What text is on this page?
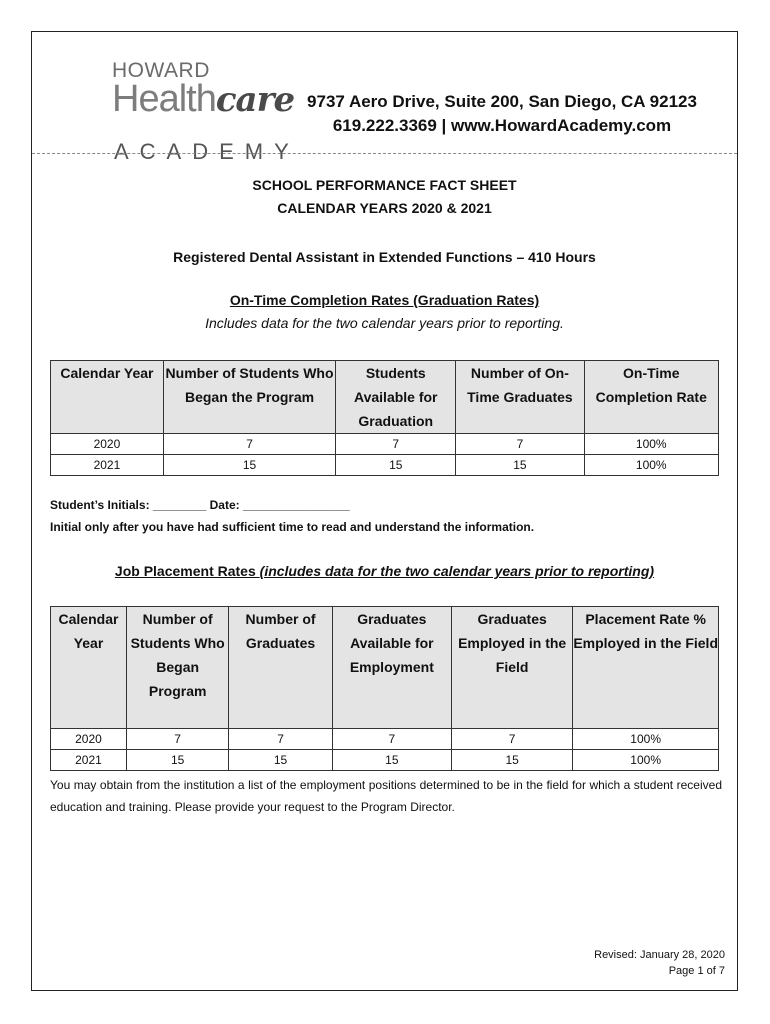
HOWARD
Healthcare
ACADEMY
9737 Aero Drive, Suite 200, San Diego, CA 92123
619.222.3369 | www.HowardAcademy.com
SCHOOL PERFORMANCE FACT SHEET
CALENDAR YEARS 2020 & 2021
Registered Dental Assistant in Extended Functions – 410 Hours
On-Time Completion Rates (Graduation Rates)
Includes data for the two calendar years prior to reporting.
Calendar Year	Number of Students Who Began the Program	Students Available for Graduation	Number of On-Time Graduates	On-Time Completion Rate
2020	7	7	7	100%
2021	15	15	15	100%
Student’s Initials: ________ Date: ________________
Initial only after you have had sufficient time to read and understand the information.
Job Placement Rates (includes data for the two calendar years prior to reporting)
Calendar Year	Number of Students Who Began Program	Number of Graduates	Graduates Available for Employment	Graduates Employed in the Field	Placement Rate % Employed in the Field
2020	7	7	7	7	100%
2021	15	15	15	15	100%
You may obtain from the institution a list of the employment positions determined to be in the field for which a student received education and training. Please provide your request to the Program Director.
Revised: January 28, 2020
Page 1 of 7
